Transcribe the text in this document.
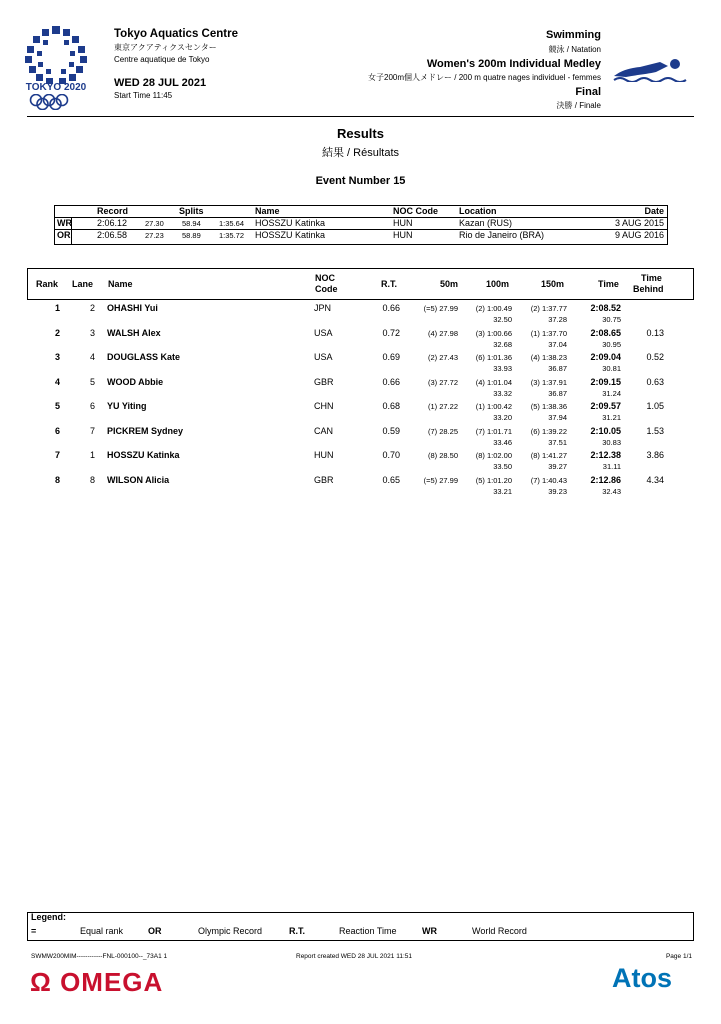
TOKYO 2020
Tokyo Aquatics Centre
東京アクアティクスセンター
Centre aquatique de Tokyo
WED 28 JUL 2021
Start Time 11:45
Swimming
競泳 / Natation
Women's 200m Individual Medley
女子200m個人メドレー / 200 m quatre nages individuel - femmes
Final
決勝 / Finale
Results
結果 / Résultats
Event Number 15
Record	Splits	Name	NOC Code Location	Date
WR	2:06.12 27.30 58.94 1:35.64 HOSSZU Katinka	HUN	Kazan (RUS)	3 AUG 2015
OR	2:06.58 27.23 58.89 1:35.72 HOSSZU Katinka	HUN	Rio de Janeiro (BRA)	9 AUG 2016
Rank Lane Name
NOC
Code	R.T.	50m	100m	150m	Time
Time
Behind
1	2 OHASHI Yui	JPN	0.66	(=5) 27.99 (2) 1:00.49 (2) 1:37.77	2:08.52
32.50	37.28	30.75
2	3 WALSH Alex	USA	0.72	(4) 27.98 (3) 1:00.66 (1) 1:37.70	2:08.65	0.13
32.68	37.04	30.95
3	4 DOUGLASS Kate	USA	0.69	(2) 27.43 (6) 1:01.36 (4) 1:38.23	2:09.04	0.52
33.93	36.87	30.81
4	5 WOOD Abbie	GBR	0.66	(3) 27.72 (4) 1:01.04 (3) 1:37.91	2:09.15	0.63
33.32	36.87	31.24
5	6 YU Yiting	CHN	0.68	(1) 27.22 (1) 1:00.42 (5) 1:38.36	2:09.57	1.05
33.20	37.94	31.21
6	7 PICKREM Sydney	CAN	0.59	(7) 28.25 (7) 1:01.71 (6) 1:39.22	2:10.05	1.53
33.46	37.51	30.83
7	1 HOSSZU Katinka	HUN	0.70	(8) 28.50 (8) 1:02.00 (8) 1:41.27	2:12.38	3.86
33.50	39.27	31.11
8	8 WILSON Alicia	GBR	0.65	(=5) 27.99 (5) 1:01.20 (7) 1:40.43	2:12.86	4.34
33.21	39.23	32.43
Legend:
=	Equal rank	OR	Olympic Record	R.T.	Reaction Time	WR	World Record
SWMW200MIM------------FNL-000100--_73A1 1	Report created WED 28 JUL 2021 11:51	Page 1/1
Ω OMEGA	Atos
